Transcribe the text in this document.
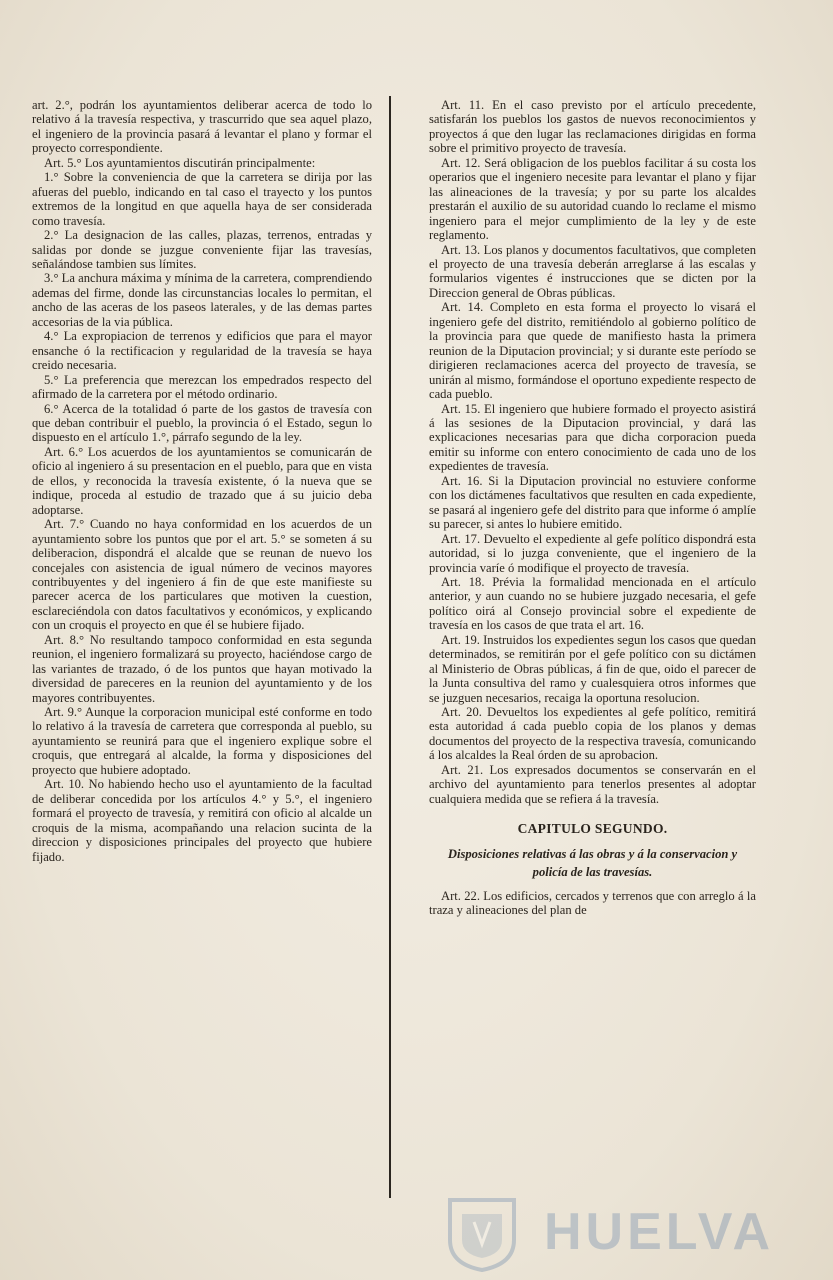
art. 2.°, podrán los ayuntamientos deliberar acerca de todo lo relativo á la travesía respectiva, y trascurrido que sea aquel plazo, el ingeniero de la provincia pasará á levantar el plano y formar el proyecto correspondiente.

Art. 5.° Los ayuntamientos discutirán principalmente:

1.° Sobre la conveniencia de que la carretera se dirija por las afueras del pueblo, indicando en tal caso el trayecto y los puntos extremos de la longitud en que aquella haya de ser considerada como travesía.

2.° La designacion de las calles, plazas, terrenos, entradas y salidas por donde se juzgue conveniente fijar las travesías, señalándose tambien sus límites.

3.° La anchura máxima y mínima de la carretera, comprendiendo ademas del firme, donde las circunstancias locales lo permitan, el ancho de las aceras de los paseos laterales, y de las demas partes accesorias de la via pública.

4.° La expropiacion de terrenos y edificios que para el mayor ensanche ó la rectificacion y regularidad de la travesía se haya creido necesaria.

5.° La preferencia que merezcan los empedrados respecto del afirmado de la carretera por el método ordinario.

6.° Acerca de la totalidad ó parte de los gastos de travesía con que deban contribuir el pueblo, la provincia ó el Estado, segun lo dispuesto en el artículo 1.°, párrafo segundo de la ley.

Art. 6.° Los acuerdos de los ayuntamientos se comunicarán de oficio al ingeniero á su presentacion en el pueblo, para que en vista de ellos, y reconocida la travesía existente, ó la nueva que se indique, proceda al estudio de trazado que á su juicio deba adoptarse.

Art. 7.° Cuando no haya conformidad en los acuerdos de un ayuntamiento sobre los puntos que por el art. 5.° se someten á su deliberacion, dispondrá el alcalde que se reunan de nuevo los concejales con asistencia de igual número de vecinos mayores contribuyentes y del ingeniero á fin de que este manifieste su parecer acerca de los particulares que motiven la cuestion, esclareciéndola con datos facultativos y económicos, y explicando con un croquis el proyecto en que él se hubiere fijado.

Art. 8.° No resultando tampoco conformidad en esta segunda reunion, el ingeniero formalizará su proyecto, haciéndose cargo de las variantes de trazado, ó de los puntos que hayan motivado la diversidad de pareceres en la reunion del ayuntamiento y de los mayores contribuyentes.

Art. 9.° Aunque la corporacion municipal esté conforme en todo lo relativo á la travesía de carretera que corresponda al pueblo, su ayuntamiento se reunirá para que el ingeniero explique sobre el croquis, que entregará al alcalde, la forma y disposiciones del proyecto que hubiere adoptado.

Art. 10. No habiendo hecho uso el ayuntamiento de la facultad de deliberar concedida por los artículos 4.° y 5.°, el ingeniero formará el proyecto de travesía, y remitirá con oficio al alcalde un croquis de la misma, acompañando una relacion sucinta de la direccion y disposiciones principales del proyecto que hubiere fijado.

Art. 11. En el caso previsto por el artículo precedente, satisfarán los pueblos los gastos de nuevos reconocimientos y proyectos á que den lugar las reclamaciones dirigidas en forma sobre el primitivo proyecto de travesía.

Art. 12. Será obligacion de los pueblos facilitar á su costa los operarios que el ingeniero necesite para levantar el plano y fijar las alineaciones de la travesía; y por su parte los alcaldes prestarán el auxilio de su autoridad cuando lo reclame el mismo ingeniero para el mejor cumplimiento de la ley y de este reglamento.

Art. 13. Los planos y documentos facultativos, que completen el proyecto de una travesía deberán arreglarse á las escalas y formularios vigentes é instrucciones que se dicten por la Direccion general de Obras públicas.

Art. 14. Completo en esta forma el proyecto lo visará el ingeniero gefe del distrito, remitiéndolo al gobierno político de la provincia para que quede de manifiesto hasta la primera reunion de la Diputacion provincial; y si durante este período se dirigieren reclamaciones acerca del proyecto de travesía, se unirán al mismo, formándose el oportuno expediente respecto de cada pueblo.

Art. 15. El ingeniero que hubiere formado el proyecto asistirá á las sesiones de la Diputacion provincial, y dará las explicaciones necesarias para que dicha corporacion pueda emitir su informe con entero conocimiento de cada uno de los expedientes de travesía.

Art. 16. Si la Diputacion provincial no estuviere conforme con los dictámenes facultativos que resulten en cada expediente, se pasará al ingeniero gefe del distrito para que informe ó amplíe su parecer, si antes lo hubiere emitido.

Art. 17. Devuelto el expediente al gefe político dispondrá esta autoridad, si lo juzga conveniente, que el ingeniero de la provincia varíe ó modifique el proyecto de travesía.

Art. 18. Prévia la formalidad mencionada en el artículo anterior, y aun cuando no se hubiere juzgado necesaria, el gefe político oirá al Consejo provincial sobre el expediente de travesía en los casos de que trata el art. 16.

Art. 19. Instruidos los expedientes segun los casos que quedan determinados, se remitirán por el gefe político con su dictámen al Ministerio de Obras públicas, á fin de que, oido el parecer de la Junta consultiva del ramo y cualesquiera otros informes que se juzguen necesarios, recaiga la oportuna resolucion.

Art. 20. Devueltos los expedientes al gefe político, remitirá esta autoridad á cada pueblo copia de los planos y demas documentos del proyecto de la respectiva travesía, comunicando á los alcaldes la Real órden de su aprobacion.

Art. 21. Los expresados documentos se conservarán en el archivo del ayuntamiento para tenerlos presentes al adoptar cualquiera medida que se refiera á la travesía.

CAPITULO SEGUNDO.
Disposiciones relativas á las obras y á la conservacion y policía de las travesías.

Art. 22. Los edificios, cercados y terrenos que con arreglo á la traza y alineaciones del plan de

HUELVA
